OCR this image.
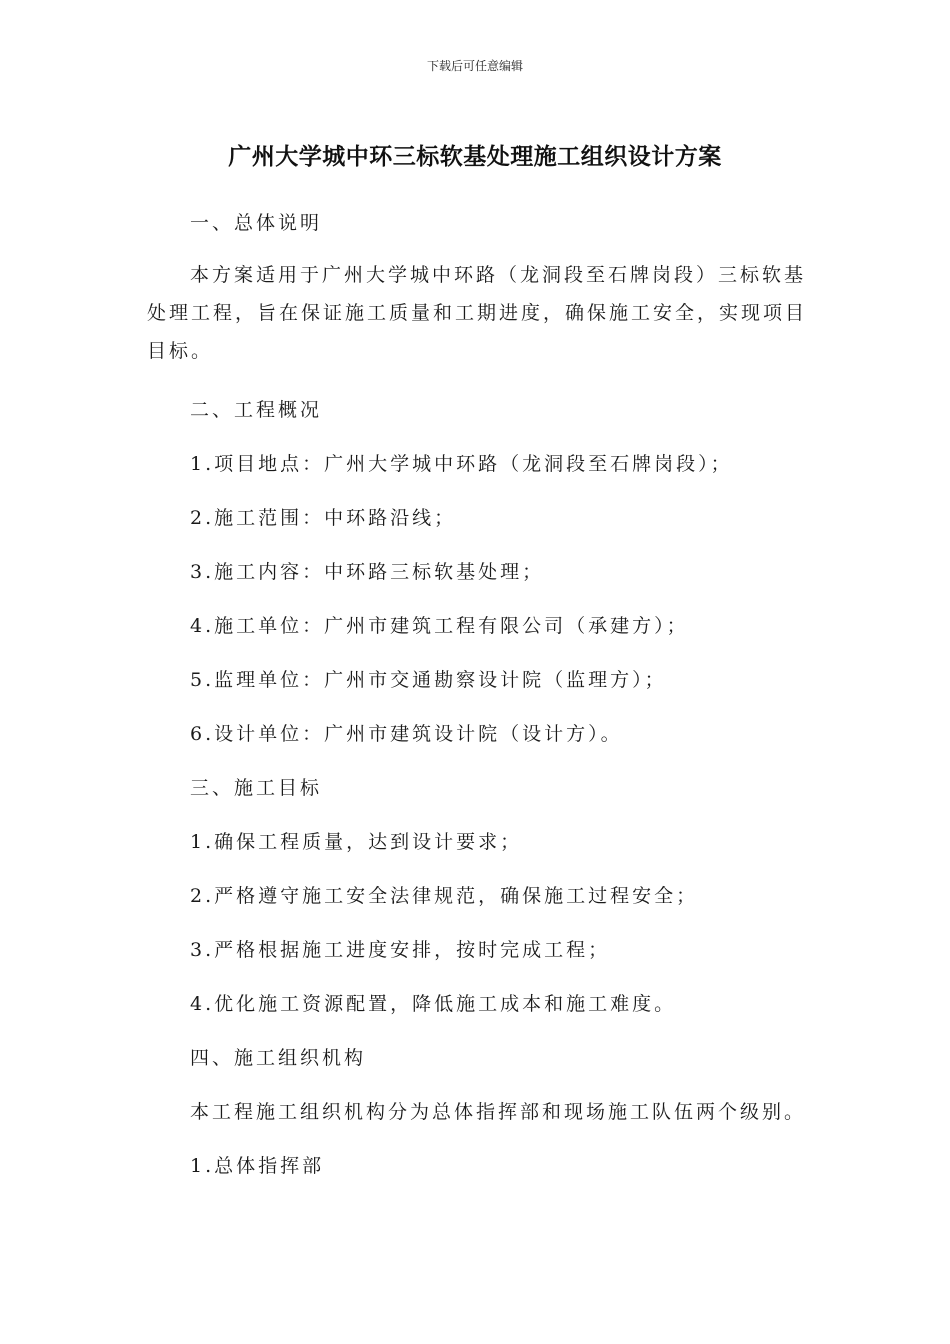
下载后可任意编辑
广州大学城中环三标软基处理施工组织设计方案
一、总体说明
本方案适用于广州大学城中环路（龙洞段至石牌岗段）三标软基处理工程，旨在保证施工质量和工期进度，确保施工安全，实现项目目标。
二、工程概况
1.项目地点：广州大学城中环路（龙洞段至石牌岗段）；
2.施工范围：中环路沿线；
3.施工内容：中环路三标软基处理；
4.施工单位：广州市建筑工程有限公司（承建方）；
5.监理单位：广州市交通勘察设计院（监理方）；
6.设计单位：广州市建筑设计院（设计方）。
三、施工目标
1.确保工程质量，达到设计要求；
2.严格遵守施工安全法律规范，确保施工过程安全；
3.严格根据施工进度安排，按时完成工程；
4.优化施工资源配置，降低施工成本和施工难度。
四、施工组织机构
本工程施工组织机构分为总体指挥部和现场施工队伍两个级别。
1.总体指挥部
